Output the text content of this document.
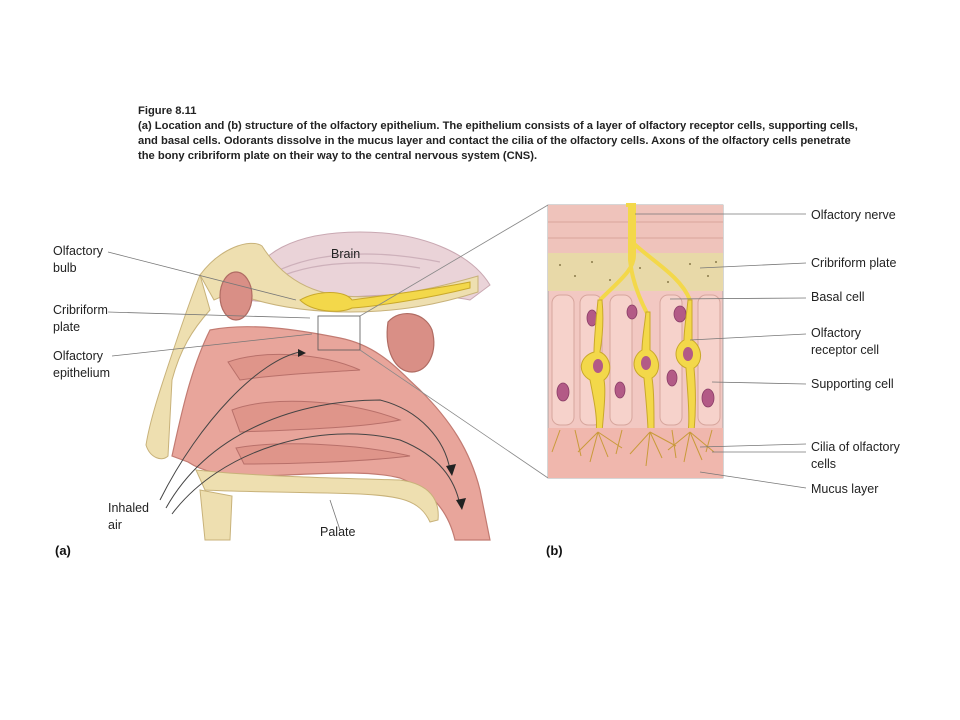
Figure 8.11
(a) Location and (b) structure of the olfactory epithelium. The epithelium consists of a layer of olfactory receptor cells, supporting cells, and basal cells. Odorants dissolve in the mucus layer and contact the cilia of the olfactory cells. Axons of the olfactory cells penetrate the bony cribriform plate on their way to the central nervous system (CNS).
Brain
Olfactory bulb
Cribriform plate
Olfactory epithelium
Inhaled air	Palate
(a)
Olfactory nerve
Cribriform plate
Basal cell
Olfactory receptor cell
Supporting cell
Cilia of olfactory cells
Mucus layer
(b)
